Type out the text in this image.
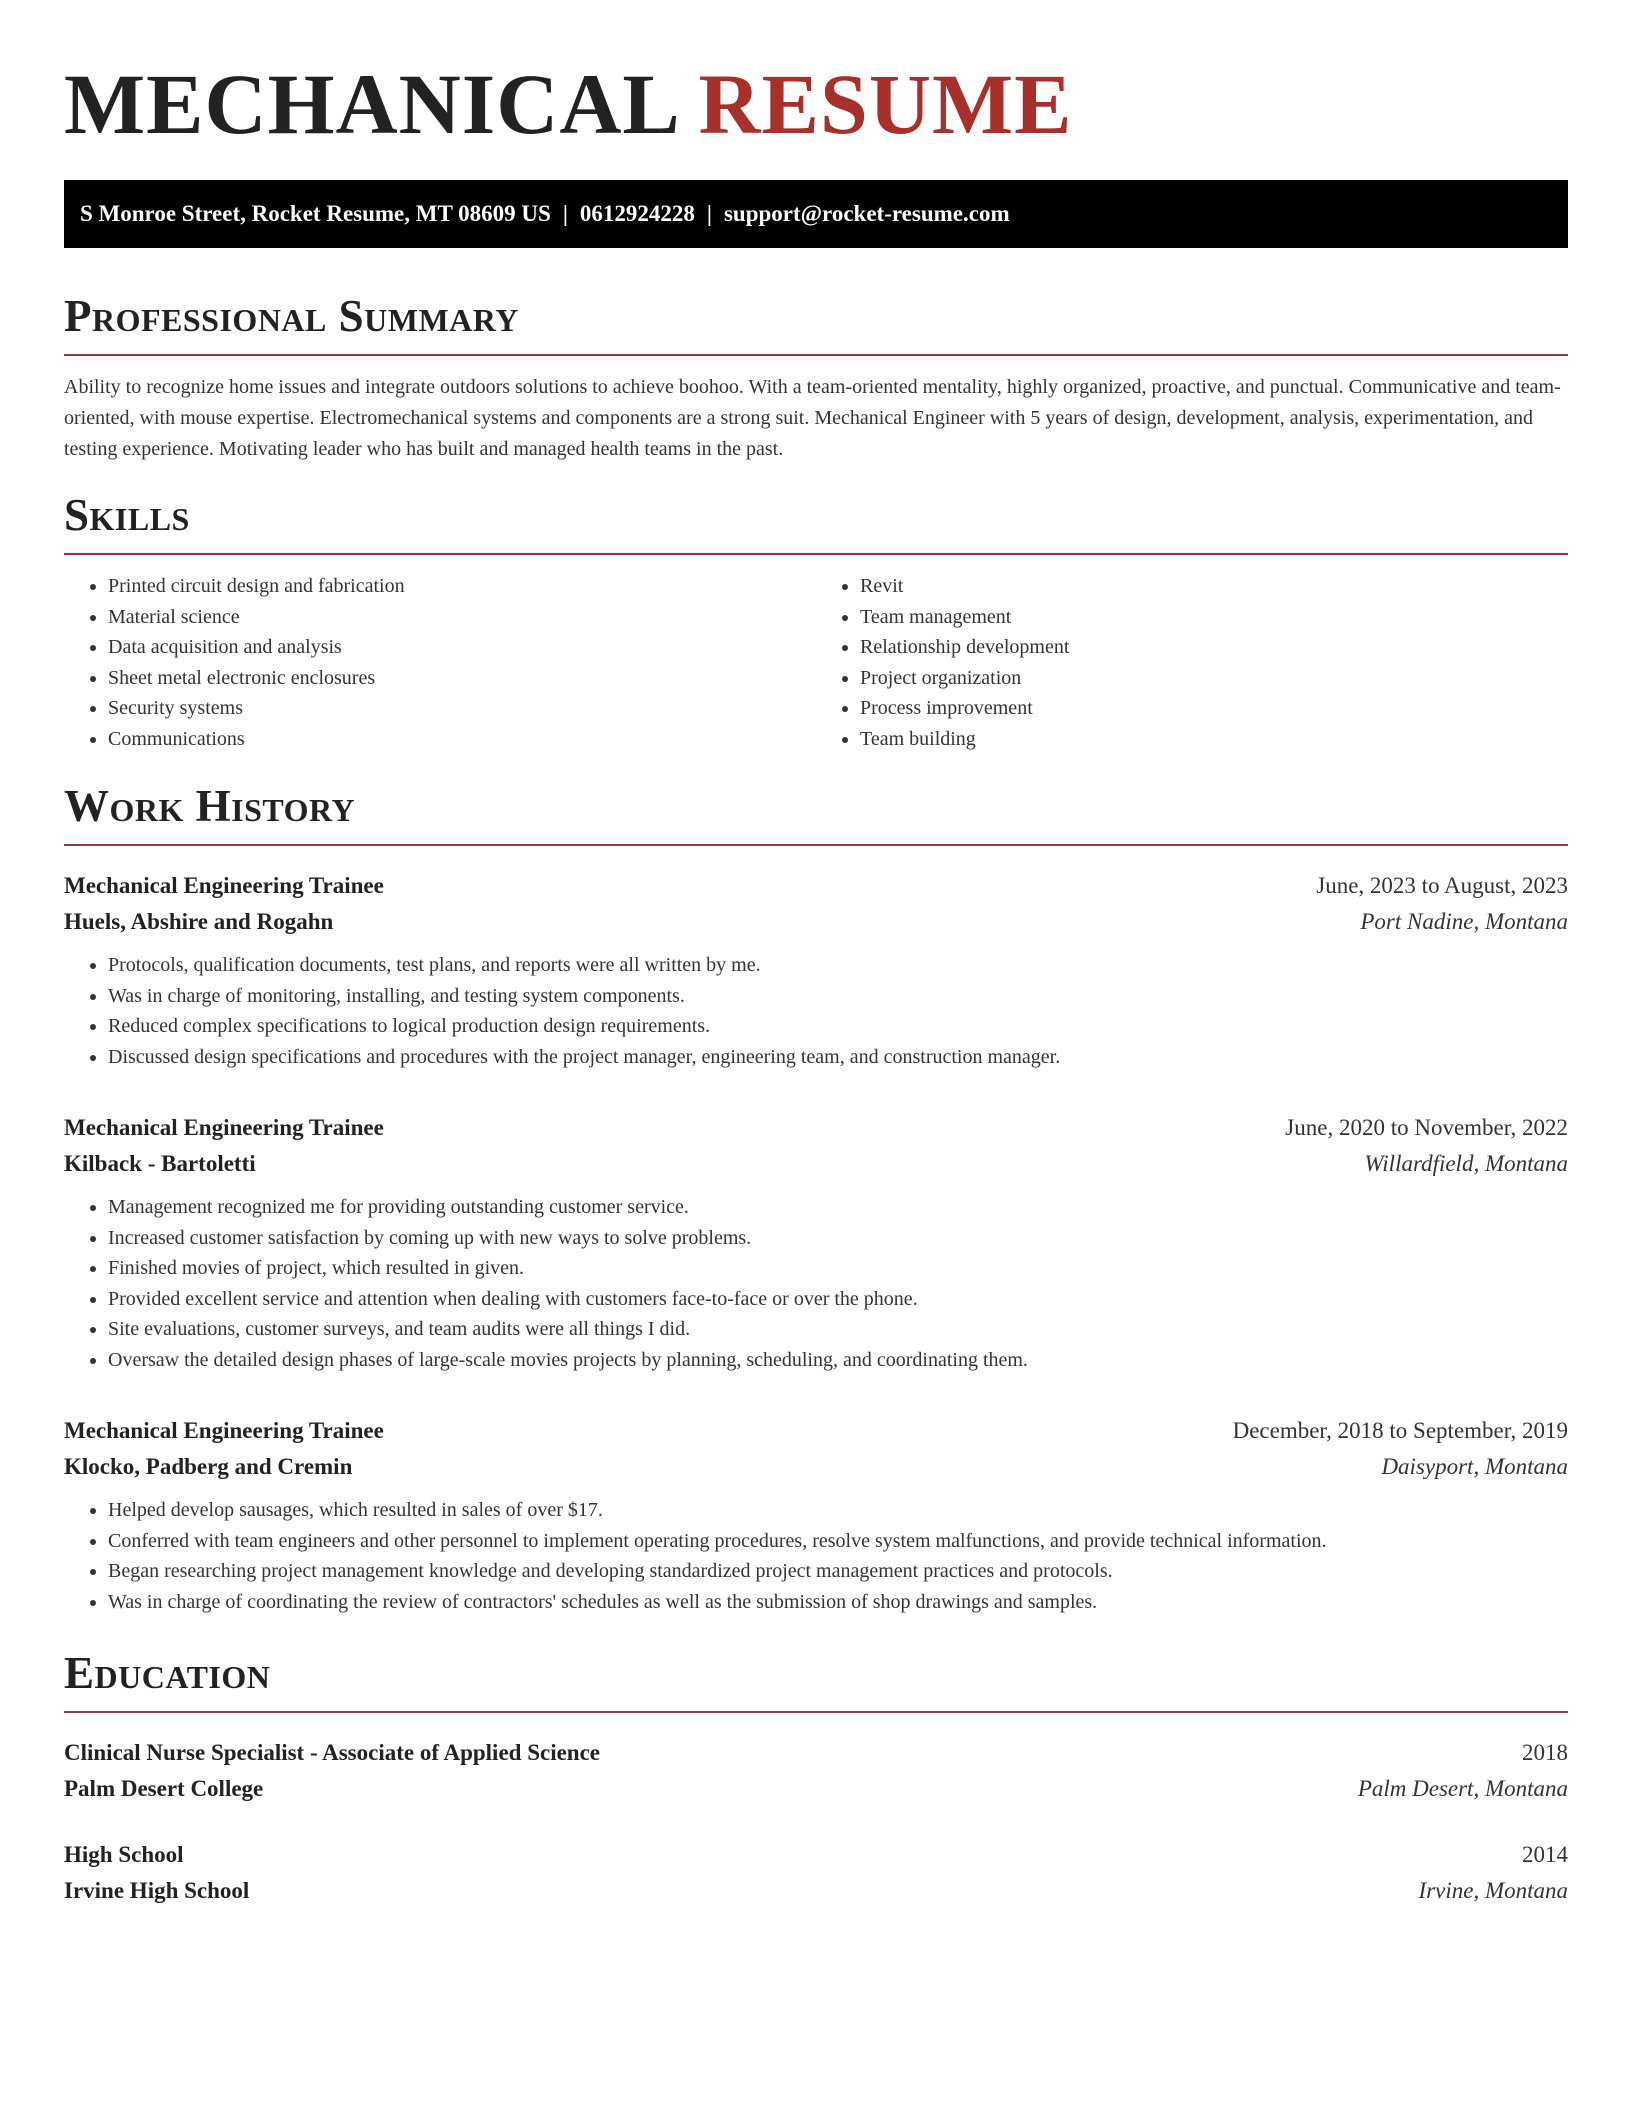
MECHANICAL RESUME
S Monroe Street, Rocket Resume, MT 08609 US | 0612924228 | support@rocket-resume.com
Professional Summary

Ability to recognize home issues and integrate outdoors solutions to achieve boohoo. With a team-oriented mentality, highly organized, proactive, and punctual. Communicative and team-oriented, with mouse expertise. Electromechanical systems and components are a strong suit. Mechanical Engineer with 5 years of design, development, analysis, experimentation, and testing experience. Motivating leader who has built and managed health teams in the past.

Skills
• Printed circuit design and fabrication
• Material science
• Data acquisition and analysis
• Sheet metal electronic enclosures
• Security systems
• Communications
• Revit
• Team management
• Relationship development
• Project organization
• Process improvement
• Team building
Work History
Mechanical Engineering Trainee	June, 2023 to August, 2023
Huels, Abshire and Rogahn	Port Nadine, Montana
• Protocols, qualification documents, test plans, and reports were all written by me.
• Was in charge of monitoring, installing, and testing system components.
• Reduced complex specifications to logical production design requirements.
• Discussed design specifications and procedures with the project manager, engineering team, and construction manager.
Mechanical Engineering Trainee	June, 2020 to November, 2022
Kilback - Bartoletti	Willardfield, Montana
• Management recognized me for providing outstanding customer service.
• Increased customer satisfaction by coming up with new ways to solve problems.
• Finished movies of project, which resulted in given.
• Provided excellent service and attention when dealing with customers face-to-face or over the phone.
• Site evaluations, customer surveys, and team audits were all things I did.
• Oversaw the detailed design phases of large-scale movies projects by planning, scheduling, and coordinating them.
Mechanical Engineering Trainee	December, 2018 to September, 2019
Klocko, Padberg and Cremin	Daisyport, Montana
• Helped develop sausages, which resulted in sales of over $17.
• Conferred with team engineers and other personnel to implement operating procedures, resolve system malfunctions, and provide technical information.
• Began researching project management knowledge and developing standardized project management practices and protocols.
• Was in charge of coordinating the review of contractors' schedules as well as the submission of shop drawings and samples.
Education
Clinical Nurse Specialist - Associate of Applied Science	2018
Palm Desert College	Palm Desert, Montana
High School	2014
Irvine High School	Irvine, Montana
